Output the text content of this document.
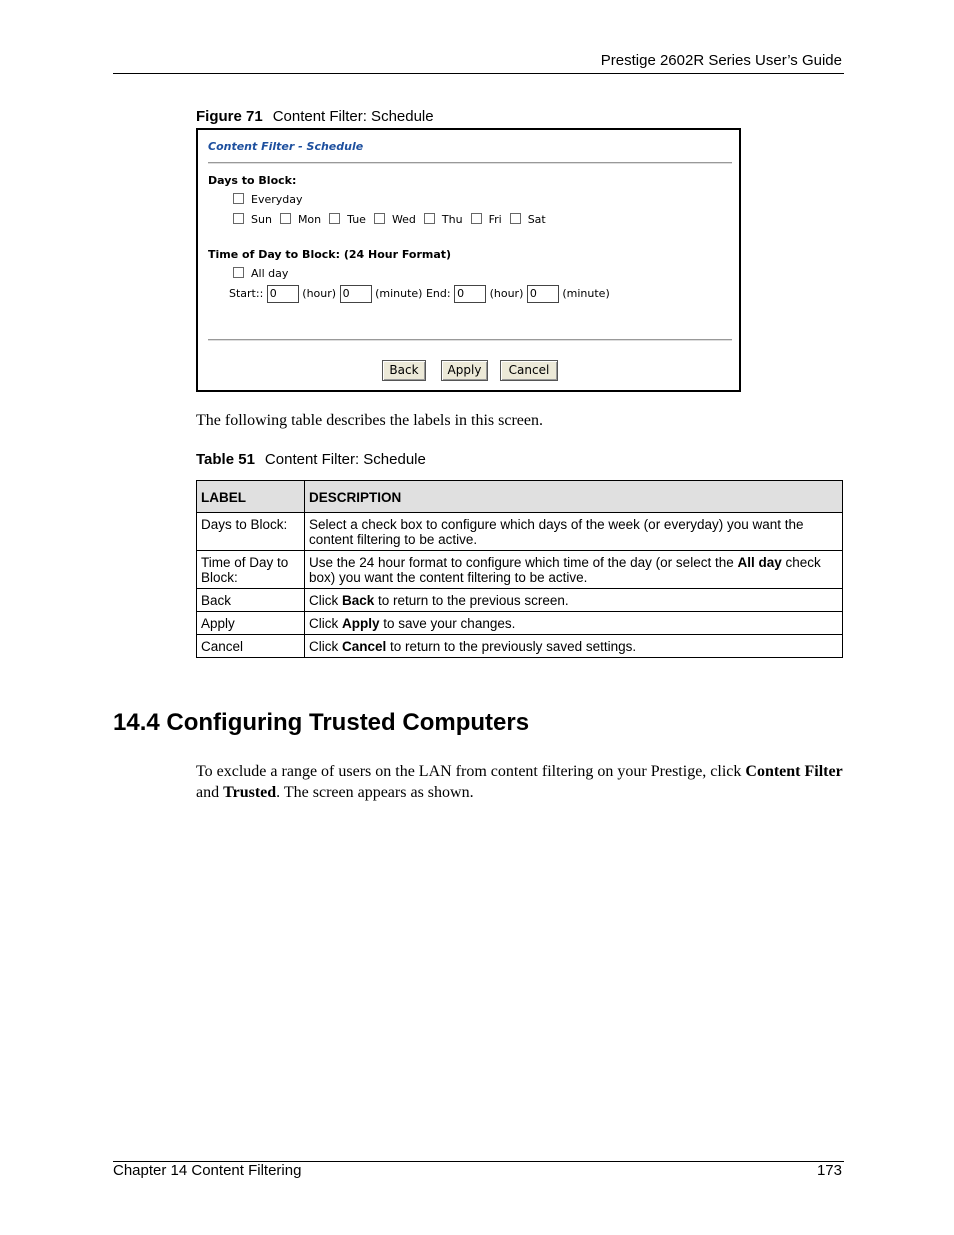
Prestige 2602R Series User’s Guide
Figure 71 Content Filter: Schedule
Content Filter - Schedule
Days to Block:
Everyday
Sun Mon Tue Wed Thu Fri Sat
Time of Day to Block: (24 Hour Format)
All day
Start:: 0 (hour) 0 (minute) End: 0 (hour) 0 (minute)
Back	Apply	Cancel
The following table describes the labels in this screen.
Table 51 Content Filter: Schedule
LABEL	DESCRIPTION
Days to Block:	Select a check box to configure which days of the week (or everyday) you want the content filtering to be active.
Time of Day to Block:	Use the 24 hour format to configure which time of the day (or select the All day check box) you want the content filtering to be active.
Back	Click Back to return to the previous screen.
Apply	Click Apply to save your changes.
Cancel	Click Cancel to return to the previously saved settings.
14.4 Configuring Trusted Computers
To exclude a range of users on the LAN from content filtering on your Prestige, click Content Filter and Trusted. The screen appears as shown.
Chapter 14 Content Filtering	173
